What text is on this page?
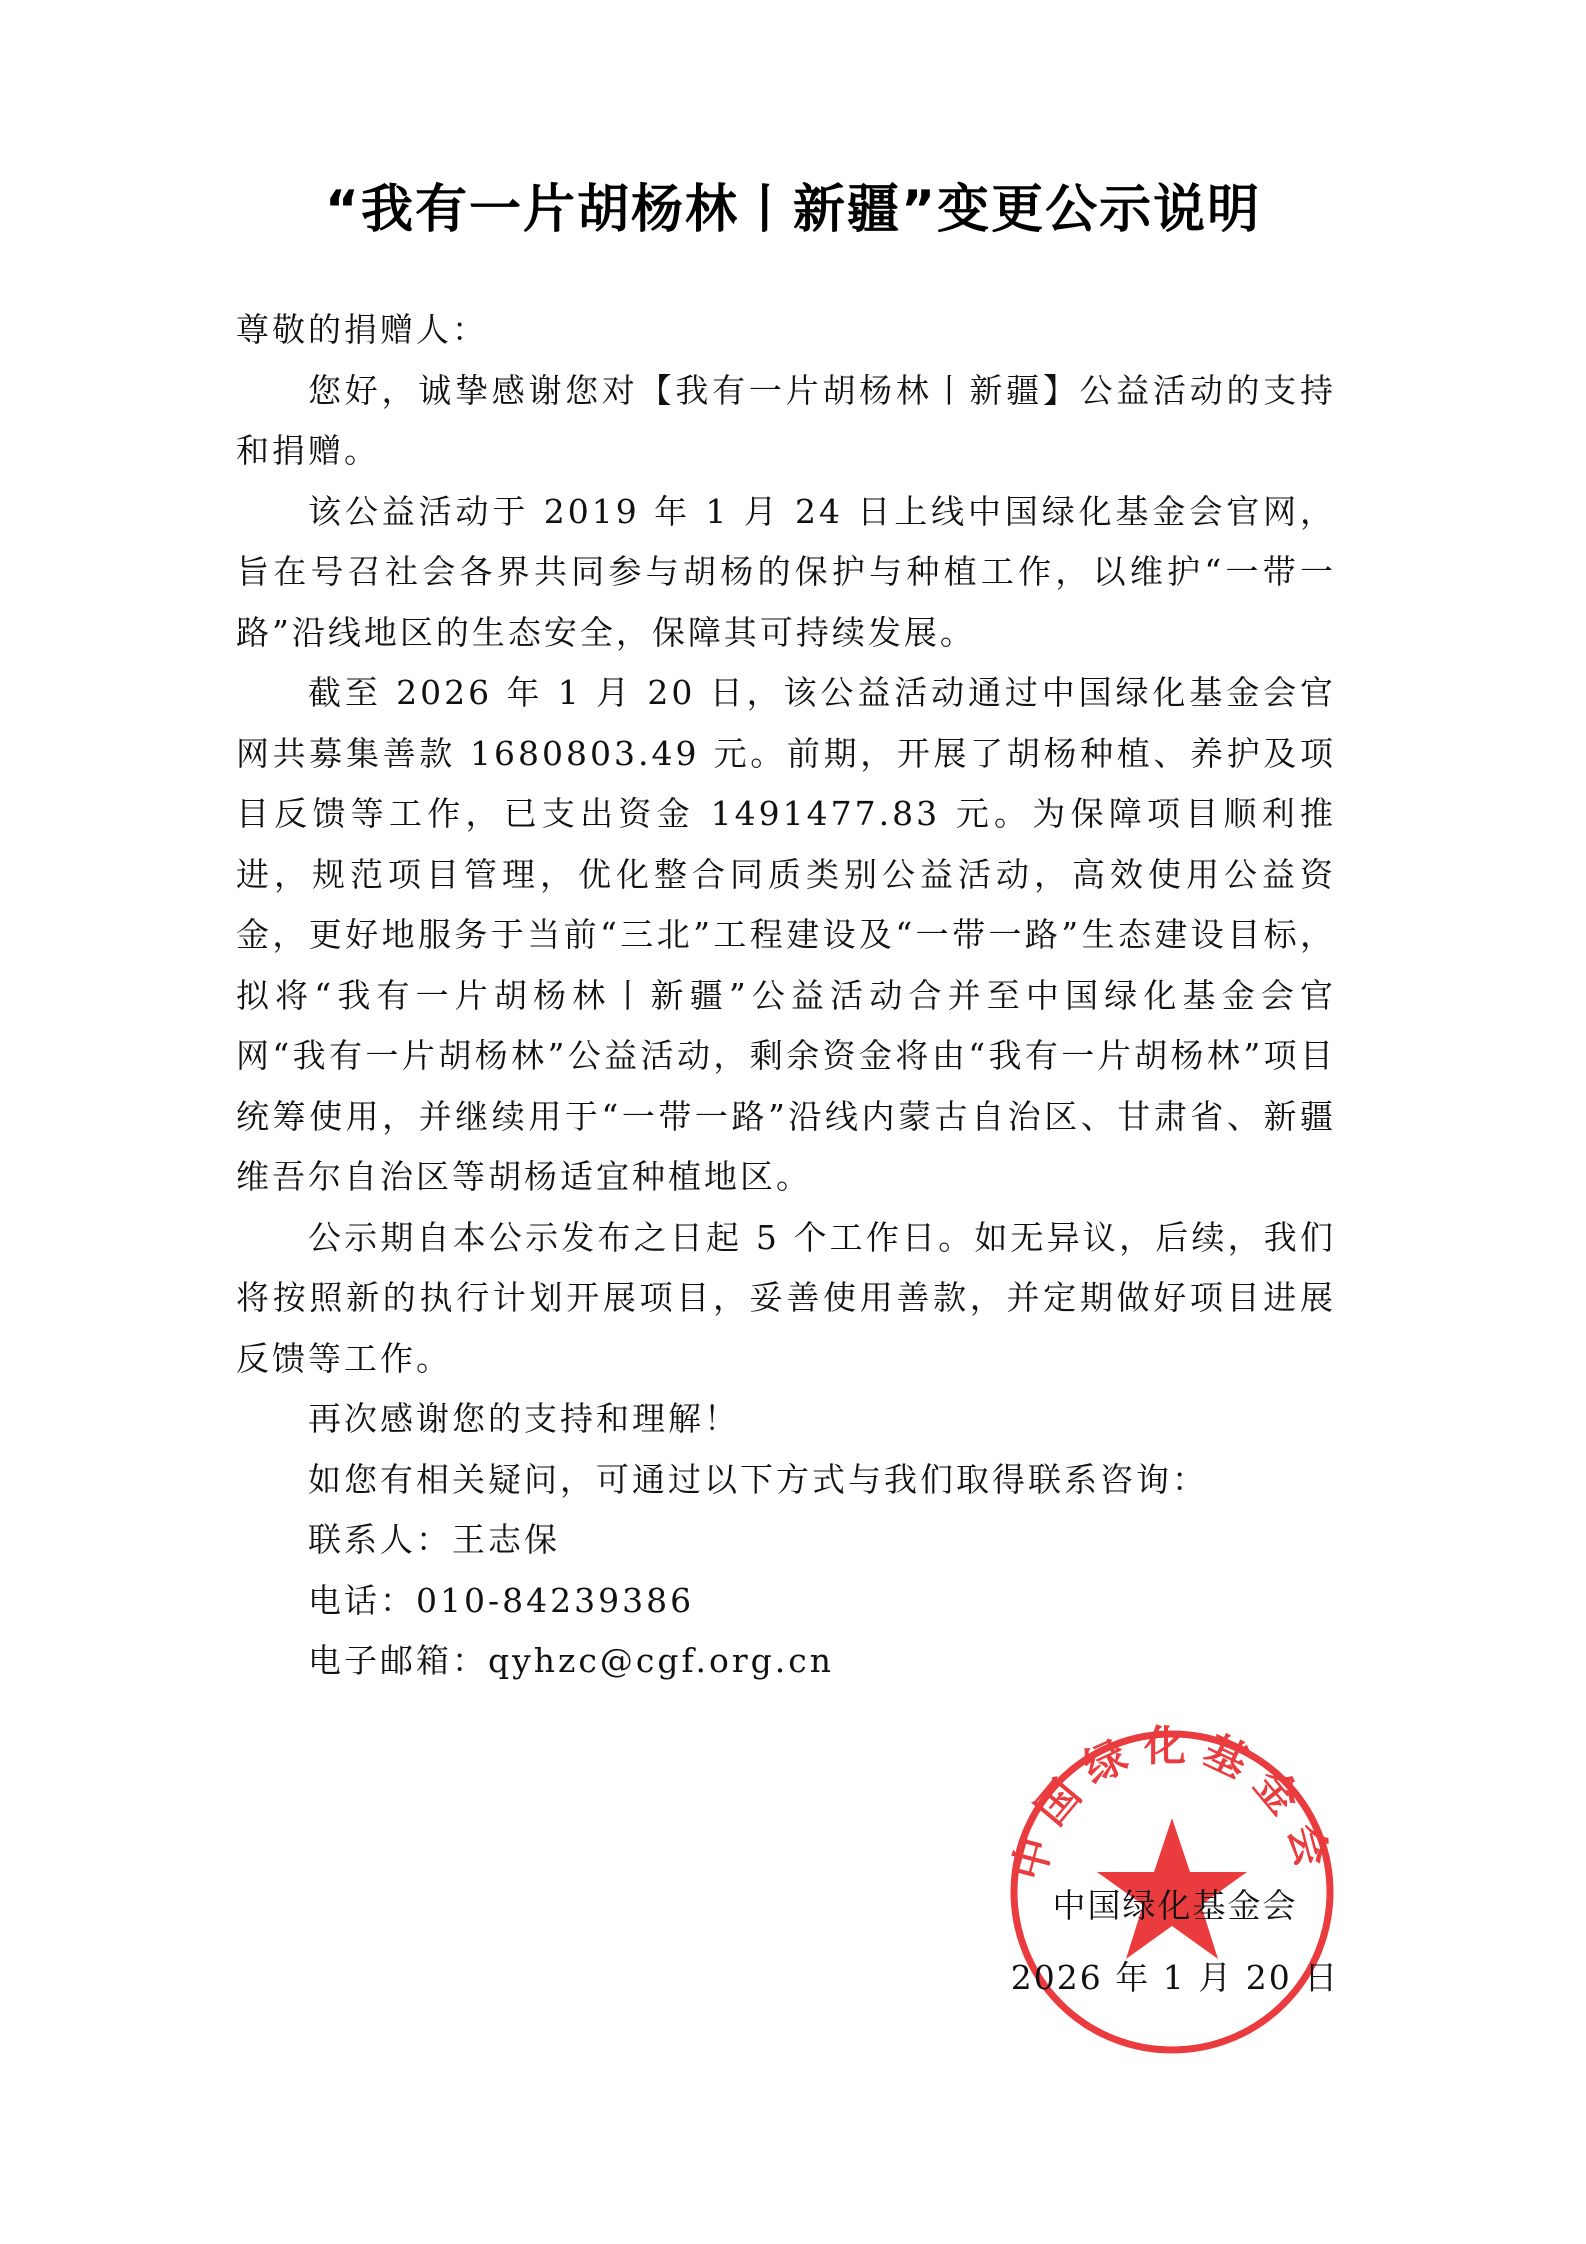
“我有一片胡杨林丨新疆”变更公示说明

尊敬的捐赠人：

您好，诚挚感谢您对【我有一片胡杨林丨新疆】公益活动的支持和捐赠。

该公益活动于 2019 年 1 月 24 日上线中国绿化基金会官网，旨在号召社会各界共同参与胡杨的保护与种植工作，以维护“一带一路”沿线地区的生态安全，保障其可持续发展。

截至 2026 年 1 月 20 日，该公益活动通过中国绿化基金会官网共募集善款 1680803.49 元。前期，开展了胡杨种植、养护及项目反馈等工作，已支出资金 1491477.83 元。为保障项目顺利推进，规范项目管理，优化整合同质类别公益活动，高效使用公益资金，更好地服务于当前“三北”工程建设及“一带一路”生态建设目标，拟将“我有一片胡杨林丨新疆”公益活动合并至中国绿化基金会官网“我有一片胡杨林”公益活动，剩余资金将由“我有一片胡杨林”项目统筹使用，并继续用于“一带一路”沿线内蒙古自治区、甘肃省、新疆维吾尔自治区等胡杨适宜种植地区。

公示期自本公示发布之日起 5 个工作日。如无异议，后续，我们将按照新的执行计划开展项目，妥善使用善款，并定期做好项目进展反馈等工作。

再次感谢您的支持和理解！

如您有相关疑问，可通过以下方式与我们取得联系咨询：

联系人：王志保

电话：010-84239386

电子邮箱：qyhzc@cgf.org.cn

中国绿化基金会
中国绿化基金会
2026 年 1 月 20 日
